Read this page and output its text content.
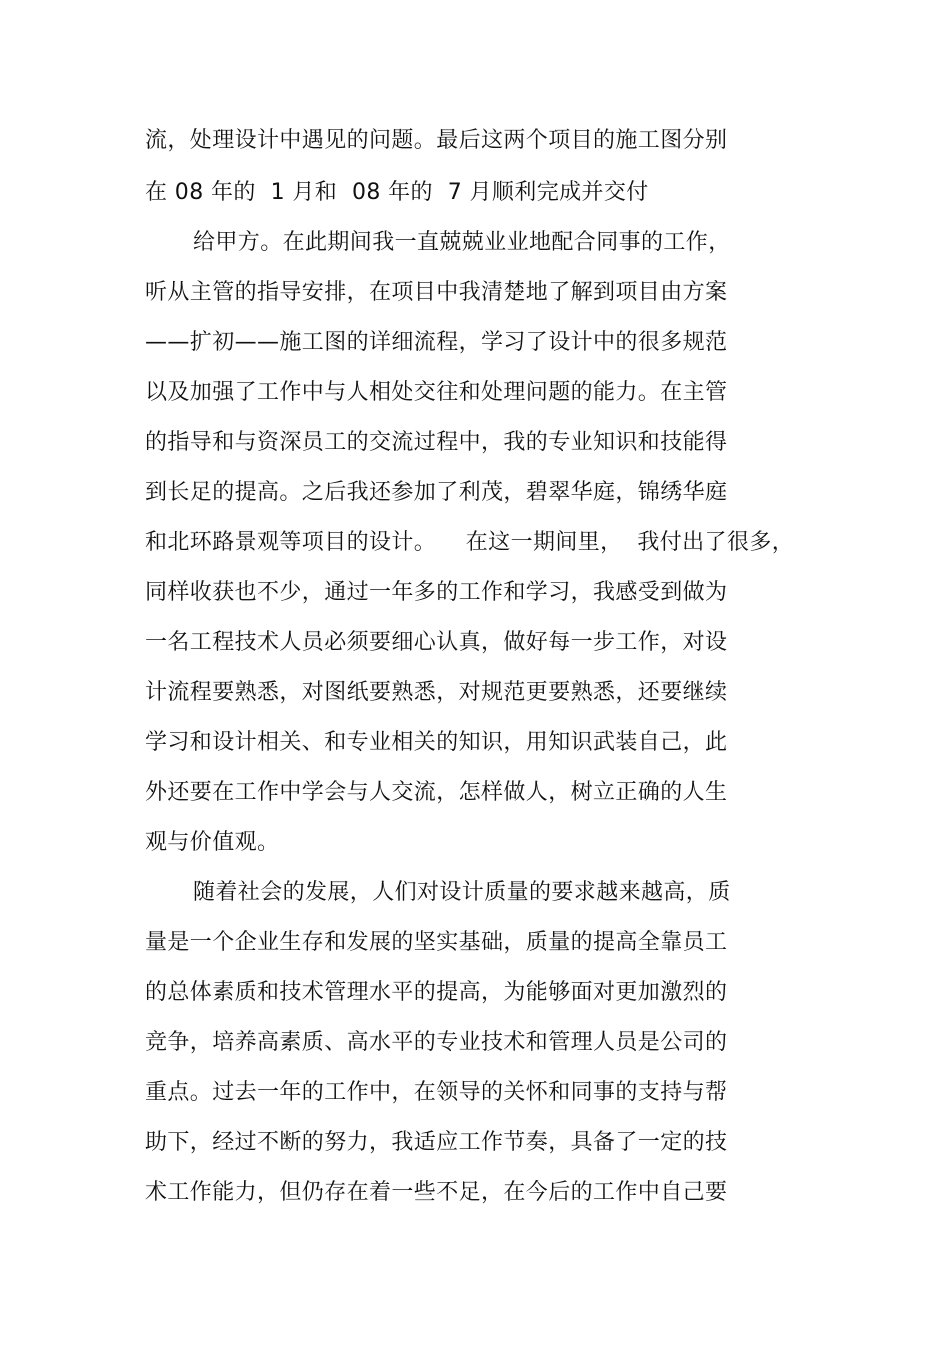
流，处理设计中遇见的问题。最后这两个项目的施工图分别
在 08 年的  1 月和  08 年的  7 月顺利完成并交付
给甲方。在此期间我一直兢兢业业地配合同事的工作，
听从主管的指导安排，在项目中我清楚地了解到项目由方案
——扩初——施工图的详细流程，学习了设计中的很多规范
以及加强了工作中与人相处交往和处理问题的能力。在主管
的指导和与资深员工的交流过程中，我的专业知识和技能得
到长足的提高。之后我还参加了利茂，碧翠华庭，锦绣华庭
和北环路景观等项目的设计。    在这一期间里，  我付出了很多，
同样收获也不少，通过一年多的工作和学习，我感受到做为
一名工程技术人员必须要细心认真，做好每一步工作，对设
计流程要熟悉，对图纸要熟悉，对规范更要熟悉，还要继续
学习和设计相关、和专业相关的知识，用知识武装自己，此
外还要在工作中学会与人交流，怎样做人，树立正确的人生
观与价值观。
随着社会的发展，人们对设计质量的要求越来越高，质
量是一个企业生存和发展的坚实基础，质量的提高全靠员工
的总体素质和技术管理水平的提高，为能够面对更加激烈的
竞争，培养高素质、高水平的专业技术和管理人员是公司的
重点。过去一年的工作中，在领导的关怀和同事的支持与帮
助下，经过不断的努力，我适应工作节奏，具备了一定的技
术工作能力，但仍存在着一些不足，在今后的工作中自己要
